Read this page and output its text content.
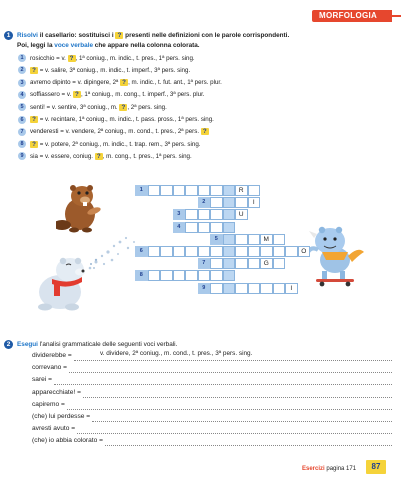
MORFOLOGIA
1	Risolvi il casellario: sostituisci i ? presenti nelle definizioni con le parole corrispondenti.
Poi, leggi la voce verbale che appare nella colonna colorata.
1 rosicchio = v. ? , 1ª coniug., m. indic., t. pres., 1ª pers. sing.
2 ? = v. salire, 3ª coniug., m. indic., t. imperf., 3ª pers. sing.
3 avremo dipinto = v. dipingere, 2ª ? , m. indic., t. fut. ant., 1ª pers. plur.
4 soffiassero = v. ? , 1ª coniug., m. cong., t. imperf., 3ª pers. plur.
5 senti! = v. sentire, 3ª coniug., m. ? , 2ª pers. sing.
6 ? = v. recintare, 1ª coniug., m. indic., t. pass. pross., 1ª pers. sing.
7 venderesti = v. vendere, 2ª coniug., m. cond., t. pres., 2ª pers. ?
8 ? = v. potere, 2ª coniug., m. indic., t. trap. rem., 3ª pers. sing.
9 sia = v. essere, coniug. ? , m. cong., t. pres., 1ª pers. sing.
1	R
2	I
3	U
4
5	M
6	O
7	G
8
9	I
2	Esegui l'analisi grammaticale delle seguenti voci verbali.
dividerebbe =	v. dividere, 2ª coniug., m. cond., t. pres., 3ª pers. sing.
correvano =
sarei =
apparecchiate! =
capiremo =
(che) lui perdesse =
avresti avuto =
(che) io abbia colorato =
Esercizi pagina 171	87
